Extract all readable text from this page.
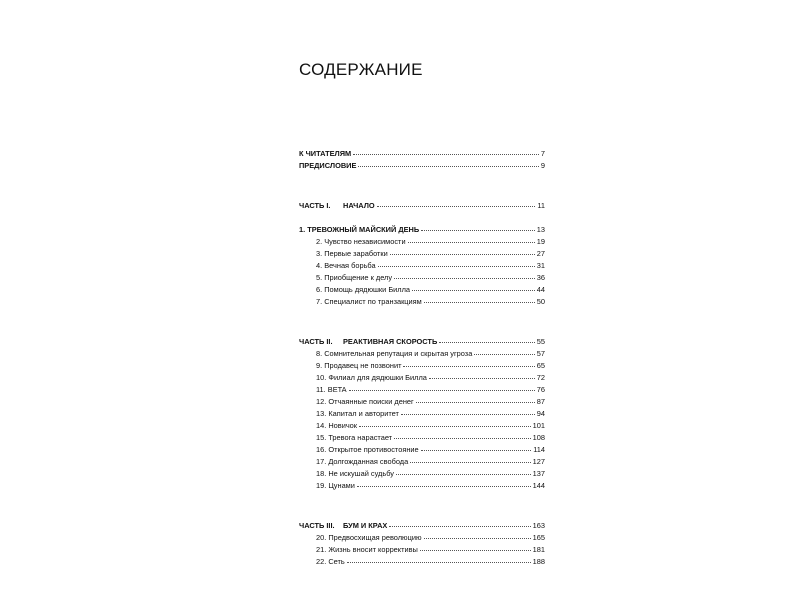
СОДЕРЖАНИЕ
К ЧИТАТЕЛЯМ	7
ПРЕДИСЛОВИЕ	9
ЧАСТЬ I.	НАЧАЛО	11
1. ТРЕВОЖНЫЙ МАЙСКИЙ ДЕНЬ	13
2. Чувство независимости	19
3. Первые заработки	27
4. Вечная борьба	31
5. Приобщение к делу	36
6. Помощь дядюшки Билла	44
7. Специалист по транзакциям	50
ЧАСТЬ II.	РЕАКТИВНАЯ СКОРОСТЬ	55
8. Сомнительная репутация и скрытая угроза	57
9. Продавец не позвонит	65
10. Филиал для дядюшки Билла	72
11. BETA	76
12. Отчаянные поиски денег	87
13. Капитал и авторитет	94
14. Новичок	101
15. Тревога нарастает	108
16. Открытое противостояние	114
17. Долгожданная свобода	127
18. Не искушай судьбу	137
19. Цунами	144
ЧАСТЬ III.	БУМ И КРАХ	163
20. Предвосхищая революцию	165
21. Жизнь вносит коррективы	181
22. Сеть	188
